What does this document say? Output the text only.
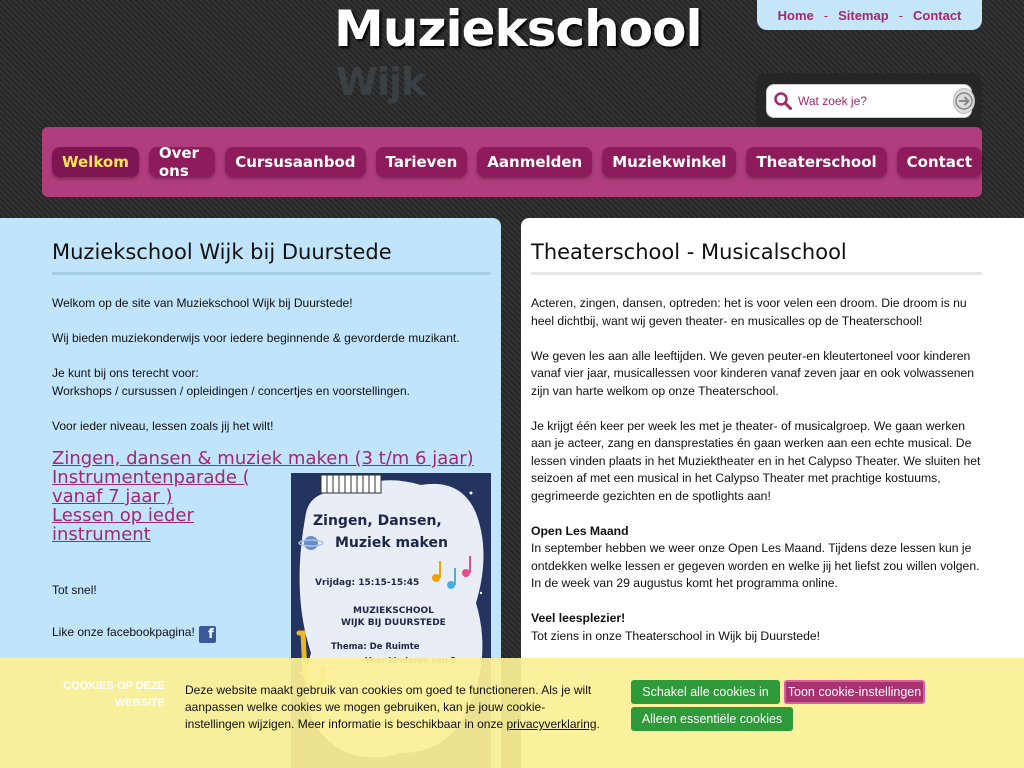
Muziekschool
Wijk
Home - Sitemap - Contact
Wat zoek je?
Welkom	Over ons	Cursusaanbod	Tarieven	Aanmelden	Muziekwinkel	Theaterschool	Contact
Muziekschool Wijk bij Duurstede

Welkom op de site van Muziekschool Wijk bij Duurstede!

Wij bieden muziekonderwijs voor iedere beginnende & gevorderde muzikant.

Je kunt bij ons terecht voor:
Workshops / cursussen / opleidingen / concertjes en voorstellingen.

Voor ieder niveau, lessen zoals jij het wilt!

Zingen, dansen & muziek maken (3 t/m 6 jaar)
Instrumentenparade ( vanaf 7 jaar )
Lessen op ieder instrument

Tot snel!

Like onze facebookpagina! f

Zingen, Dansen,
Muziek maken
Vrijdag: 15:15-15:45
MUZIEKSCHOOL
WIJK BIJ DUURSTEDE
Thema: De Ruimte
Theaterschool - Musicalschool

Acteren, zingen, dansen, optreden: het is voor velen een droom. Die droom is nu heel dichtbij, want wij geven theater- en musicalles op de Theaterschool!

We geven les aan alle leeftijden. We geven peuter-en kleutertoneel voor kinderen vanaf vier jaar, musicallessen voor kinderen vanaf zeven jaar en ook volwassenen zijn van harte welkom op onze Theaterschool.

Je krijgt één keer per week les met je theater- of musicalgroep. We gaan werken aan je acteer, zang en dansprestaties én gaan werken aan een echte musical. De lessen vinden plaats in het Muziektheater en in het Calypso Theater. We sluiten het seizoen af met een musical in het Calypso Theater met prachtige kostuums, gegrimeerde gezichten en de spotlights aan!

Open Les Maand
In september hebben we weer onze Open Les Maand. Tijdens deze lessen kun je ontdekken welke lessen er gegeven worden en welke jij het liefst zou willen volgen. In de week van 29 augustus komt het programma online.

Veel leesplezier!
Tot ziens in onze Theaterschool in Wijk bij Duurstede!

COOKIES OP DEZE WEBSITE
Deze website maakt gebruik van cookies om goed te functioneren. Als je wilt aanpassen welke cookies we mogen gebruiken, kan je jouw cookie-instellingen wijzigen. Meer informatie is beschikbaar in onze privacyverklaring.
Schakel alle cookies in	Toon cookie-instellingen
Alleen essentiële cookies
